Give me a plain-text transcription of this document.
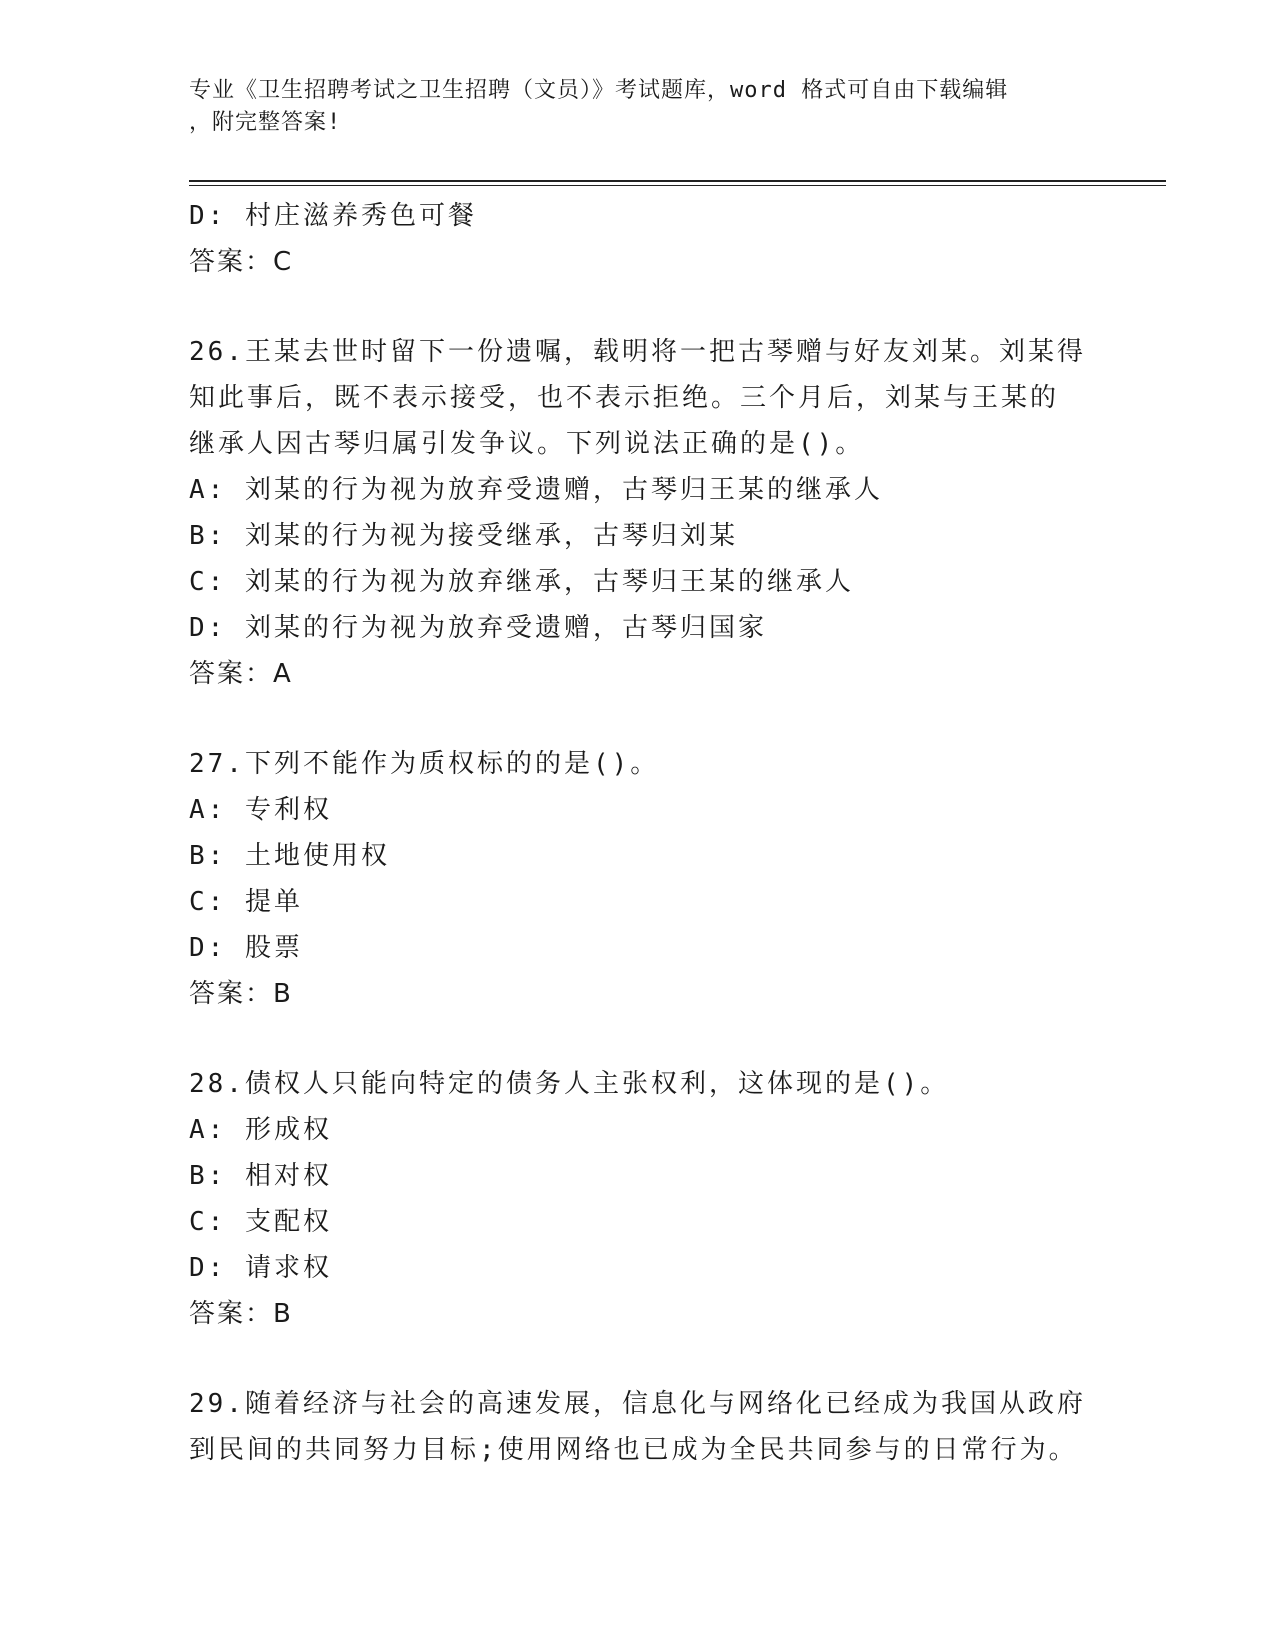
专业《卫生招聘考试之卫生招聘（文员）》考试题库，word 格式可自由下载编辑
，附完整答案!
D: 村庄滋养秀色可餐
答案：C
26.王某去世时留下一份遗嘱，载明将一把古琴赠与好友刘某。刘某得
知此事后，既不表示接受，也不表示拒绝。三个月后，刘某与王某的
继承人因古琴归属引发争议。下列说法正确的是()。
A: 刘某的行为视为放弃受遗赠，古琴归王某的继承人
B: 刘某的行为视为接受继承，古琴归刘某
C: 刘某的行为视为放弃继承，古琴归王某的继承人
D: 刘某的行为视为放弃受遗赠，古琴归国家
答案：A
27.下列不能作为质权标的的是()。
A: 专利权
B: 土地使用权
C: 提单
D: 股票
答案：B
28.债权人只能向特定的债务人主张权利，这体现的是()。
A: 形成权
B: 相对权
C: 支配权
D: 请求权
答案：B
29.随着经济与社会的高速发展，信息化与网络化已经成为我国从政府
到民间的共同努力目标;使用网络也已成为全民共同参与的日常行为。
